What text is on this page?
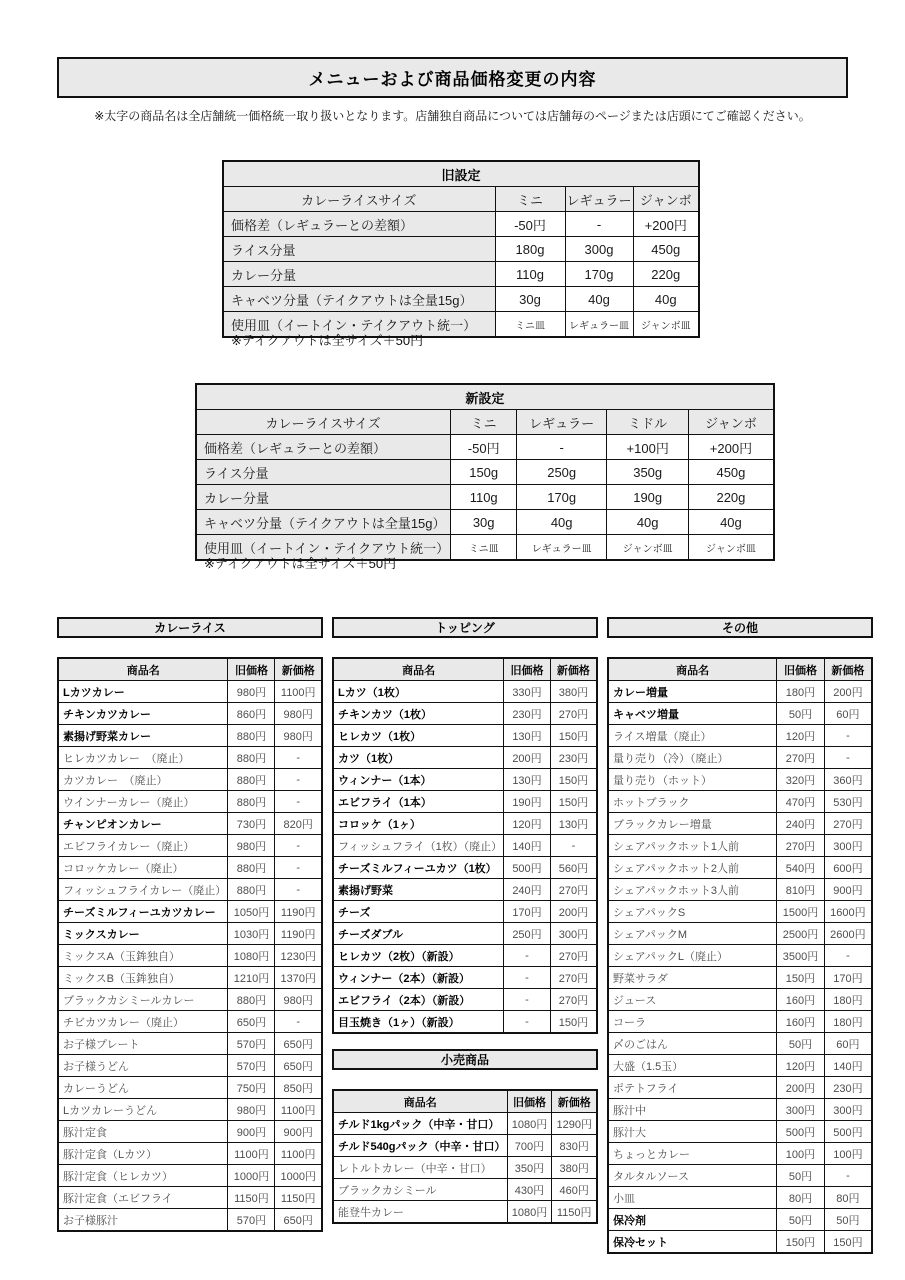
メニューおよび商品価格変更の内容
※太字の商品名は全店舗統一価格統一取り扱いとなります。店舗独自商品については店舗毎のページまたは店頭にてご確認ください。
旧設定			
カレーライスサイズ	ミニ	レギュラー	ジャンボ
価格差（レギュラーとの差額）	-50円	-	+200円
ライス分量	180g	300g	450g
カレー分量	110g	170g	220g
キャベツ分量（テイクアウトは全量15g）	30g	40g	40g
使用皿（イートイン・テイクアウト統一）	ミニ皿	レギュラー皿	ジャンボ皿
※テイクアウトは全サイズ＋50円
新設定				
カレーライスサイズ	ミニ	レギュラー	ミドル	ジャンボ
価格差（レギュラーとの差額）	-50円	-	+100円	+200円
ライス分量	150g	250g	350g	450g
カレー分量	110g	170g	190g	220g
キャベツ分量（テイクアウトは全量15g）	30g	40g	40g	40g
使用皿（イートイン・テイクアウト統一）	ミニ皿	レギュラー皿	ジャンボ皿	ジャンボ皿
※テイクアウトは全サイズ＋50円
カレーライス
商品名	旧価格	新価格
Lカツカレー	980円	1100円
チキンカツカレー	860円	980円
素揚げ野菜カレー	880円	980円
ヒレカツカレー　（廃止）	880円	-
カツカレー　（廃止）	880円	-
ウインナーカレー（廃止）	880円	-
チャンピオンカレー	730円	820円
エビフライカレー（廃止）	980円	-
コロッケカレー（廃止）	880円	-
フィッシュフライカレー（廃止）	880円	-
チーズミルフィーユカツカレー	1050円	1190円
ミックスカレー	1030円	1190円
ミックスA（玉鉾独自）	1080円	1230円
ミックスB（玉鉾独自）	1210円	1370円
ブラックカシミールカレー	880円	980円
チビカツカレー（廃止）	650円	-
お子様プレート	570円	650円
お子様うどん	570円	650円
カレーうどん	750円	850円
Lカツカレーうどん	980円	1100円
豚汁定食	900円	900円
豚汁定食（Lカツ）	1100円	1100円
豚汁定食（ヒレカツ）	1000円	1000円
豚汁定食（エビフライ	1150円	1150円
お子様豚汁	570円	650円
トッピング
商品名	旧価格	新価格
Lカツ（1枚）	330円	380円
チキンカツ（1枚）	230円	270円
ヒレカツ（1枚）	130円	150円
カツ（1枚）	200円	230円
ウィンナー（1本）	130円	150円
エビフライ（1本）	190円	150円
コロッケ（1ヶ）	120円	130円
フィッシュフライ（1枚）（廃止）	140円	-
チーズミルフィーユカツ（1枚）	500円	560円
素揚げ野菜	240円	270円
チーズ	170円	200円
チーズダブル	250円	300円
ヒレカツ（2枚）（新設）	-	270円
ウィンナー（2本）（新設）	-	270円
エビフライ（2本）（新設）	-	270円
目玉焼き（1ヶ）（新設）	-	150円
小売商品
商品名	旧価格	新価格
チルド1kgパック（中辛・甘口）	1080円	1290円
チルド540gパック（中辛・甘口）	700円	830円
レトルトカレー（中辛・甘口）	350円	380円
ブラックカシミール	430円	460円
能登牛カレー	1080円	1150円
その他
商品名	旧価格	新価格
カレー増量	180円	200円
キャベツ増量	50円	60円
ライス増量（廃止）	120円	-
量り売り（冷）（廃止）	270円	-
量り売り（ホット）	320円	360円
ホットブラック	470円	530円
ブラックカレー増量	240円	270円
シェアパックホット1人前	270円	300円
シェアパックホット2人前	540円	600円
シェアパックホット3人前	810円	900円
シェアパックS	1500円	1600円
シェアパックM	2500円	2600円
シェアパックL（廃止）	3500円	-
野菜サラダ	150円	170円
ジュース	160円	180円
コーラ	160円	180円
〆のごはん	50円	60円
大盛（1.5玉）	120円	140円
ポテトフライ	200円	230円
豚汁中	300円	300円
豚汁大	500円	500円
ちょっとカレー	100円	100円
タルタルソース	50円	-
小皿	80円	80円
保冷剤	50円	50円
保冷セット	150円	150円
